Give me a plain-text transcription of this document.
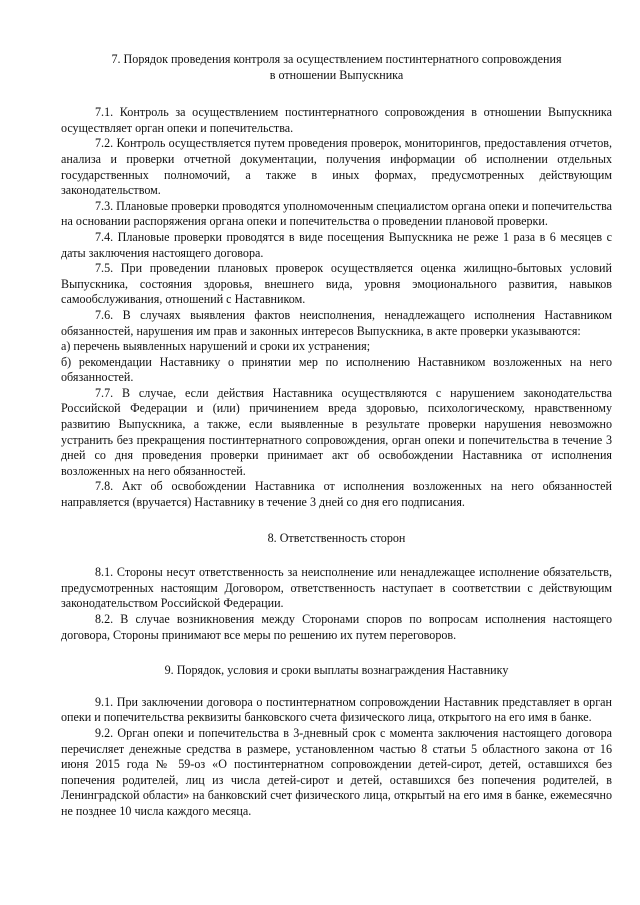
7. Порядок проведения контроля за осуществлением постинтернатного сопровождения

в отношении Выпускника

7.1. Контроль за осуществлением постинтернатного сопровождения в отношении Выпускника осуществляет орган опеки и попечительства.

7.2. Контроль осуществляется путем проведения проверок, мониторингов, предоставления отчетов, анализа и проверки отчетной документации, получения информации об исполнении отдельных государственных полномочий, а также в иных формах, предусмотренных действующим законодательством.

7.3. Плановые проверки проводятся уполномоченным специалистом органа опеки и попечительства на основании распоряжения органа опеки и попечительства о проведении плановой проверки.

7.4. Плановые проверки проводятся в виде посещения Выпускника не реже 1 раза в 6 месяцев с даты заключения настоящего договора.

7.5. При проведении плановых проверок осуществляется оценка жилищно-бытовых условий Выпускника, состояния здоровья, внешнего вида, уровня эмоционального развития, навыков самообслуживания, отношений с Наставником.

7.6. В случаях выявления фактов неисполнения, ненадлежащего исполнения Наставником обязанностей, нарушения им прав и законных интересов Выпускника, в акте проверки указываются:

а) перечень выявленных нарушений и сроки их устранения;

б) рекомендации Наставнику о принятии мер по исполнению Наставником возложенных на него обязанностей.

7.7. В случае, если действия Наставника осуществляются с нарушением законодательства Российской Федерации и (или) причинением вреда здоровью, психологическому, нравственному развитию Выпускника, а также, если выявленные в результате проверки нарушения невозможно устранить без прекращения постинтернатного сопровождения, орган опеки и попечительства в течение 3 дней со дня проведения проверки принимает акт об освобождении Наставника от исполнения возложенных на него обязанностей.

7.8. Акт об освобождении Наставника от исполнения возложенных на него обязанностей направляется (вручается) Наставнику в течение 3 дней со дня его подписания.

8. Ответственность сторон

8.1. Стороны несут ответственность за неисполнение или ненадлежащее исполнение обязательств, предусмотренных настоящим Договором, ответственность наступает в соответствии с действующим законодательством Российской Федерации.

8.2. В случае возникновения между Сторонами споров по вопросам исполнения настоящего договора, Стороны принимают все меры по решению их путем переговоров.

9. Порядок, условия и сроки выплаты вознаграждения Наставнику

9.1. При заключении договора о постинтернатном сопровождении Наставник представляет в орган опеки и попечительства реквизиты банковского счета физического лица, открытого на его имя в банке.

9.2. Орган опеки и попечительства в 3-дневный срок с момента заключения настоящего договора перечисляет денежные средства в размере, установленном частью 8 статьи 5 областного закона от 16 июня 2015 года № 59-оз «О постинтернатном сопровождении детей-сирот, детей, оставшихся без попечения родителей, лиц из числа детей-сирот и детей, оставшихся без попечения родителей, в Ленинградской области» на банковский счет физического лица, открытый на его имя в банке, ежемесячно не позднее 10 числа каждого месяца.
